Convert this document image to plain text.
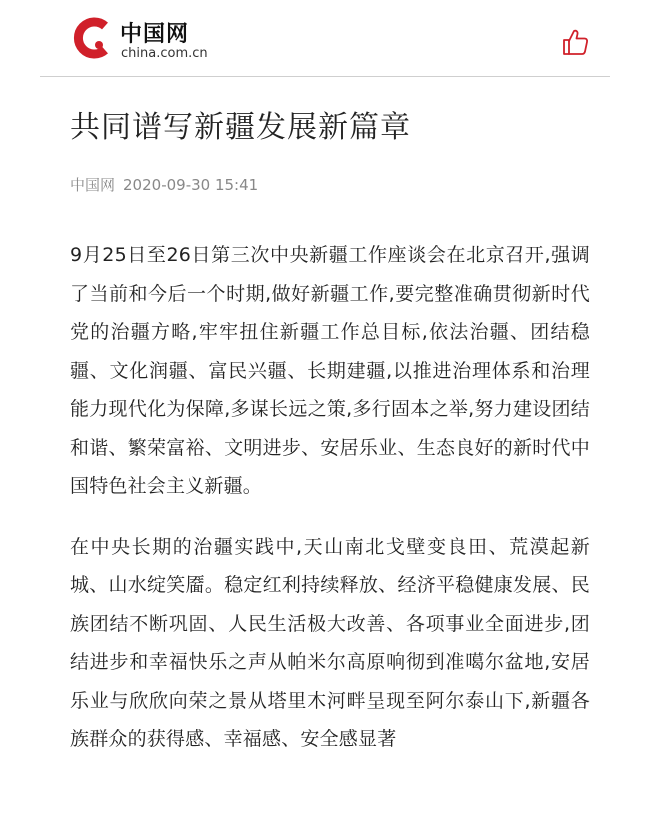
中国网
china.com.cn
共同谱写新疆发展新篇章
中国网 2020-09-30 15:41

9月25日至26日第三次中央新疆工作座谈会在北京召开,强调了当前和今后一个时期,做好新疆工作,要完整准确贯彻新时代党的治疆方略,牢牢扭住新疆工作总目标,依法治疆、团结稳疆、文化润疆、富民兴疆、长期建疆,以推进治理体系和治理能力现代化为保障,多谋长远之策,多行固本之举,努力建设团结和谐、繁荣富裕、文明进步、安居乐业、生态良好的新时代中国特色社会主义新疆。

在中央长期的治疆实践中,天山南北戈壁变良田、荒漠起新城、山水绽笑靥。稳定红利持续释放、经济平稳健康发展、民族团结不断巩固、人民生活极大改善、各项事业全面进步,团结进步和幸福快乐之声从帕米尔高原响彻到准噶尔盆地,安居乐业与欣欣向荣之景从塔里木河畔呈现至阿尔泰山下,新疆各族群众的获得感、幸福感、安全感显著
